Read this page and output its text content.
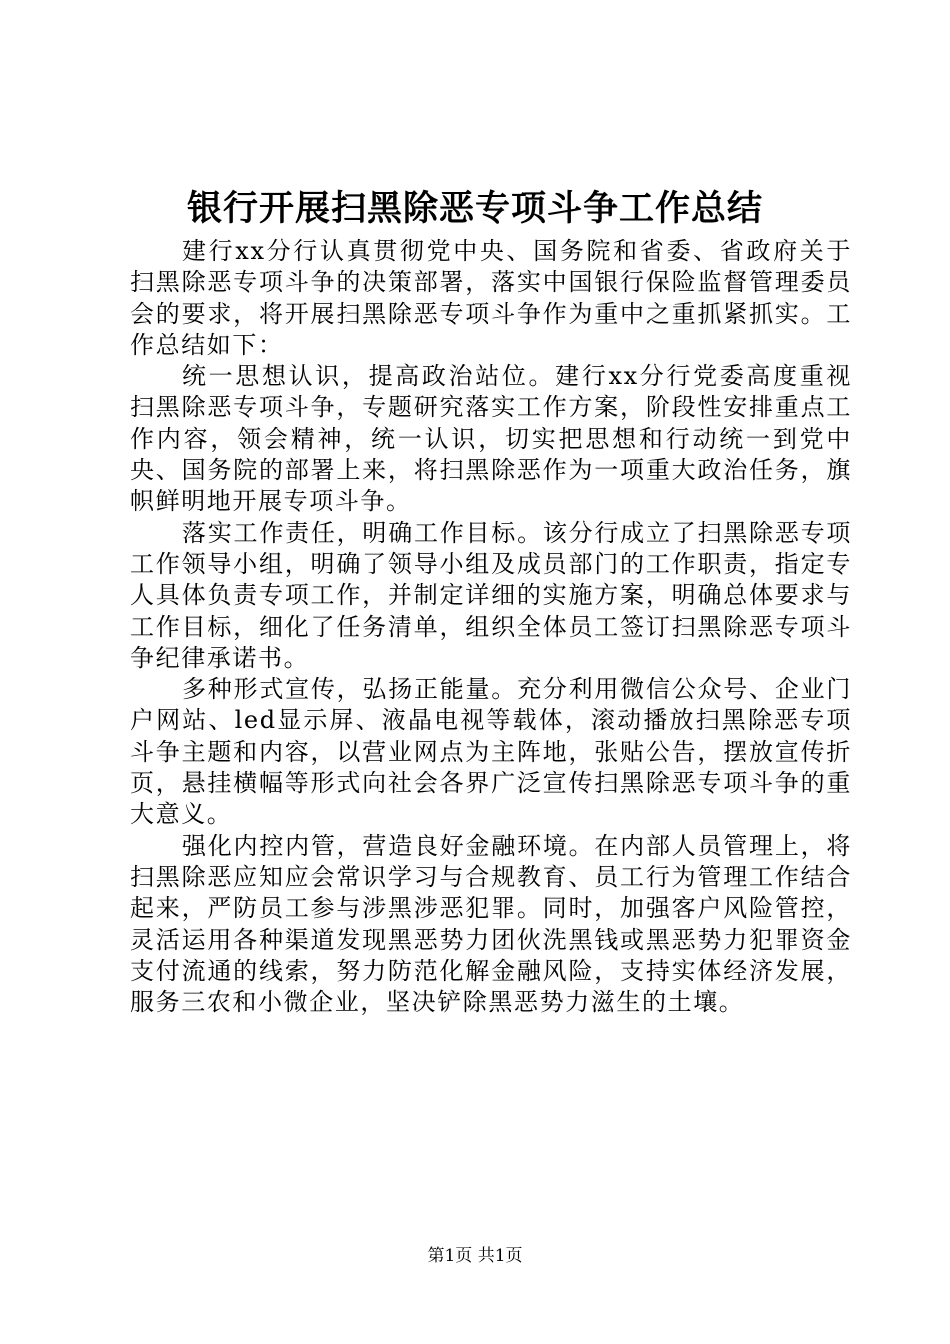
银行开展扫黑除恶专项斗争工作总结

建行xx分行认真贯彻党中央、国务院和省委、省政府关于扫黑除恶专项斗争的决策部署，落实中国银行保险监督管理委员会的要求，将开展扫黑除恶专项斗争作为重中之重抓紧抓实。工作总结如下：

统一思想认识，提高政治站位。建行xx分行党委高度重视扫黑除恶专项斗争，专题研究落实工作方案，阶段性安排重点工作内容，领会精神，统一认识，切实把思想和行动统一到党中央、国务院的部署上来，将扫黑除恶作为一项重大政治任务，旗帜鲜明地开展专项斗争。

落实工作责任，明确工作目标。该分行成立了扫黑除恶专项工作领导小组，明确了领导小组及成员部门的工作职责，指定专人具体负责专项工作，并制定详细的实施方案，明确总体要求与工作目标，细化了任务清单，组织全体员工签订扫黑除恶专项斗争纪律承诺书。

多种形式宣传，弘扬正能量。充分利用微信公众号、企业门户网站、led显示屏、液晶电视等载体，滚动播放扫黑除恶专项斗争主题和内容，以营业网点为主阵地，张贴公告，摆放宣传折页，悬挂横幅等形式向社会各界广泛宣传扫黑除恶专项斗争的重大意义。

强化内控内管，营造良好金融环境。在内部人员管理上，将扫黑除恶应知应会常识学习与合规教育、员工行为管理工作结合起来，严防员工参与涉黑涉恶犯罪。同时，加强客户风险管控，灵活运用各种渠道发现黑恶势力团伙洗黑钱或黑恶势力犯罪资金支付流通的线索，努力防范化解金融风险，支持实体经济发展，服务三农和小微企业，坚决铲除黑恶势力滋生的土壤。

第1页 共1页
